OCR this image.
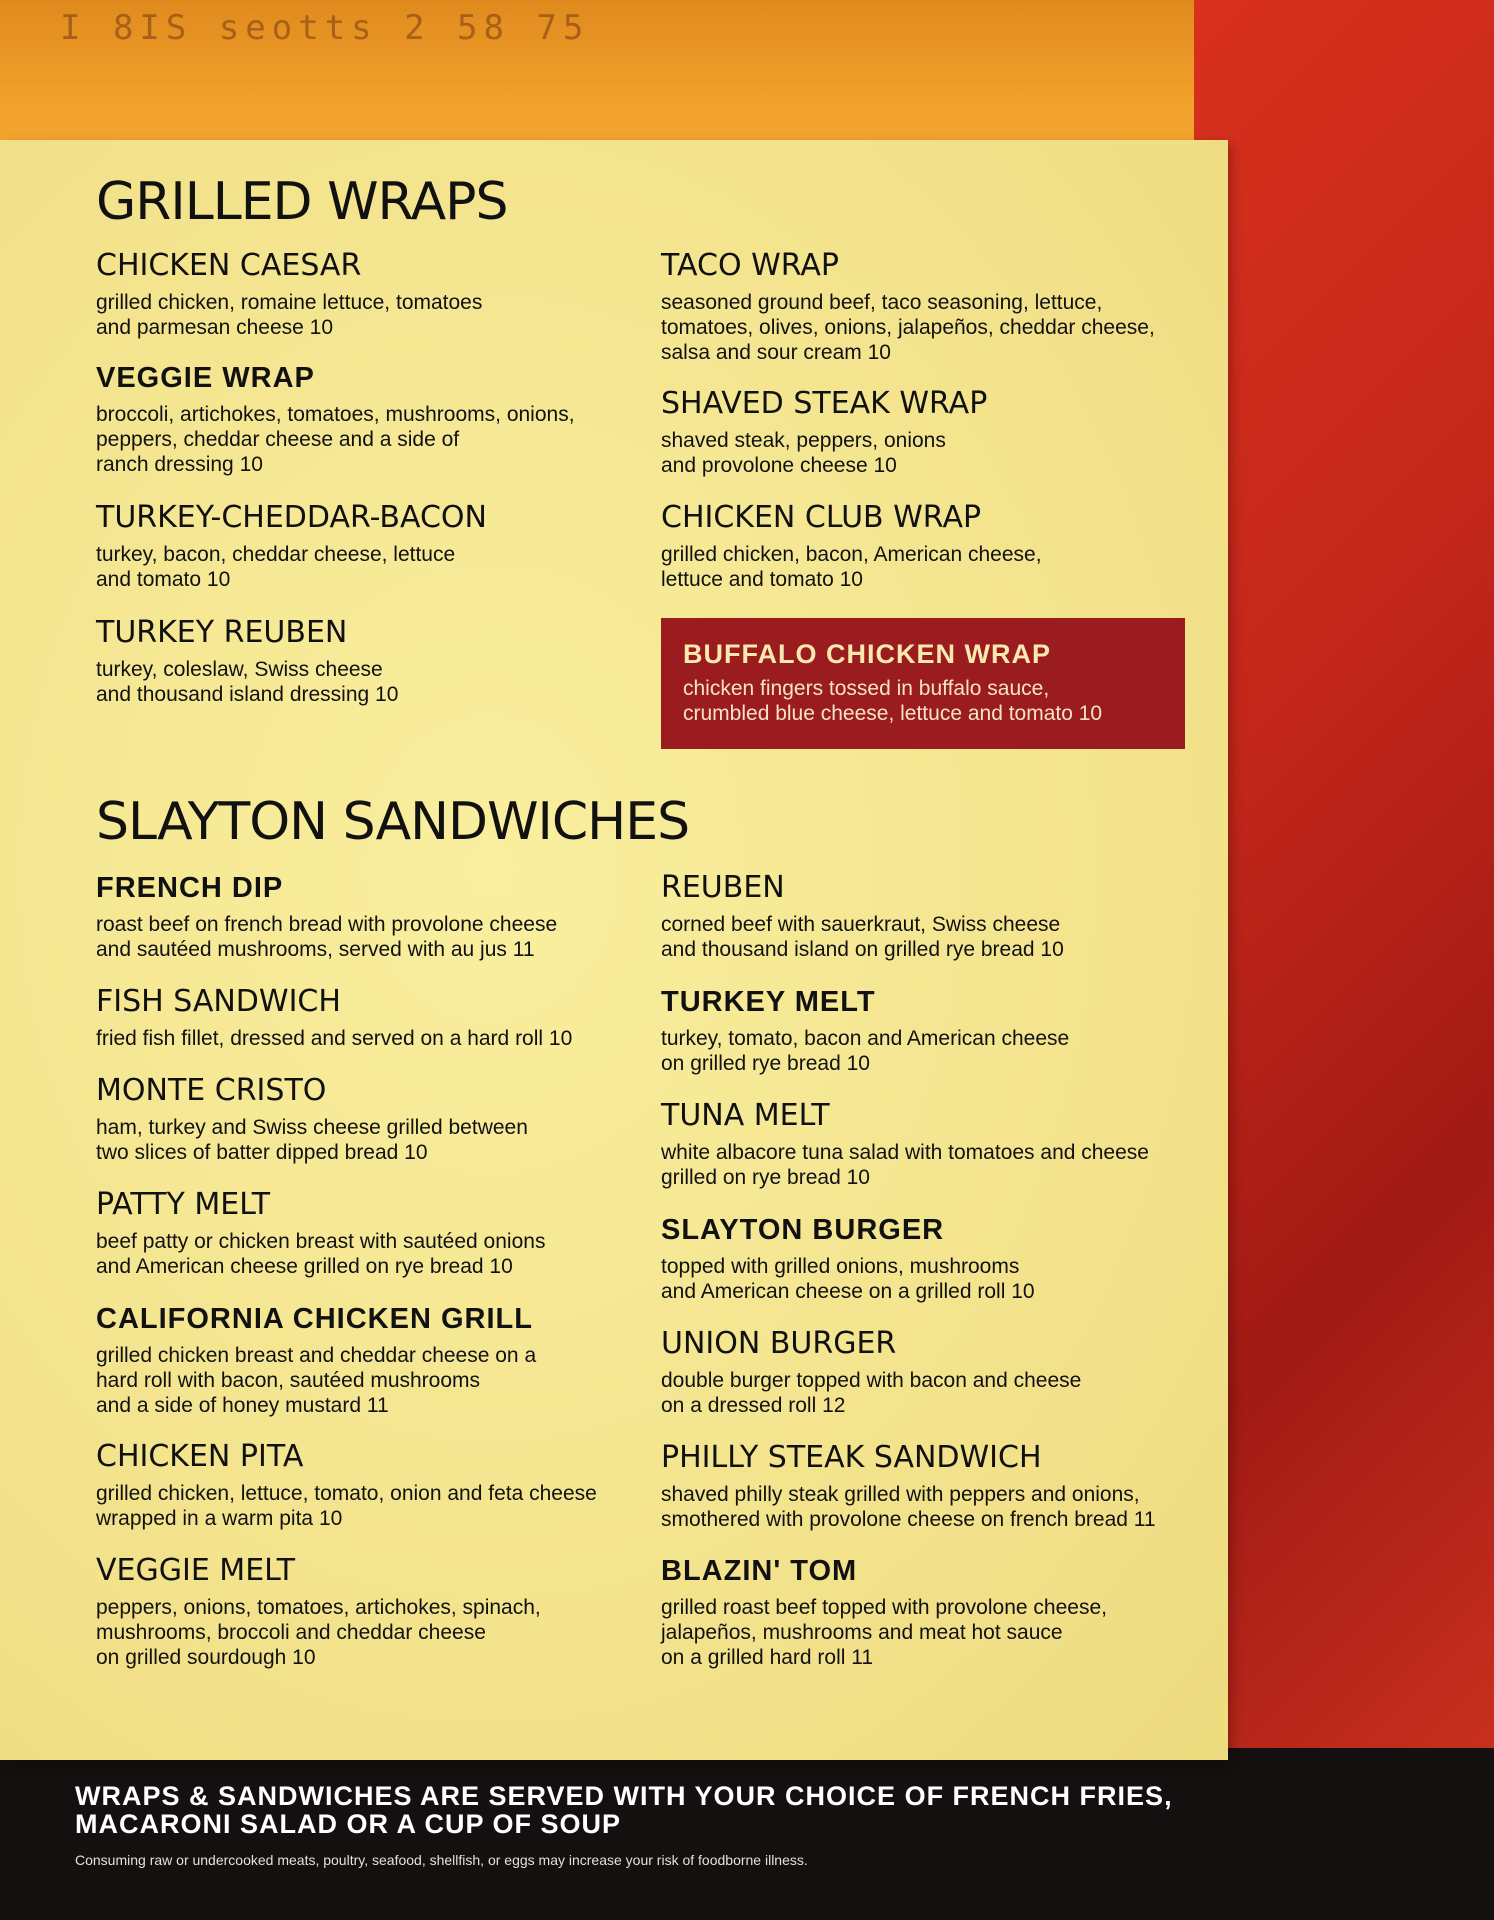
I 8IS seotts 2 58 75
GRILLED WRAPS
CHICKEN CAESAR
grilled chicken, romaine lettuce, tomatoes
and parmesan cheese 10
VEGGIE WRAP
broccoli, artichokes, tomatoes, mushrooms, onions,
peppers, cheddar cheese and a side of
ranch dressing 10
TURKEY-CHEDDAR-BACON
turkey, bacon, cheddar cheese, lettuce
and tomato 10
TURKEY REUBEN
turkey, coleslaw, Swiss cheese
and thousand island dressing 10
TACO WRAP
seasoned ground beef, taco seasoning, lettuce,
tomatoes, olives, onions, jalapeños, cheddar cheese,
salsa and sour cream 10
SHAVED STEAK WRAP
shaved steak, peppers, onions
and provolone cheese 10
CHICKEN CLUB WRAP
grilled chicken, bacon, American cheese,
lettuce and tomato 10
BUFFALO CHICKEN WRAP
chicken fingers tossed in buffalo sauce,
crumbled blue cheese, lettuce and tomato 10
SLAYTON SANDWICHES
FRENCH DIP
roast beef on french bread with provolone cheese
and sautéed mushrooms, served with au jus 11
FISH SANDWICH
fried fish fillet, dressed and served on a hard roll 10
MONTE CRISTO
ham, turkey and Swiss cheese grilled between
two slices of batter dipped bread 10
PATTY MELT
beef patty or chicken breast with sautéed onions
and American cheese grilled on rye bread 10
CALIFORNIA CHICKEN GRILL
grilled chicken breast and cheddar cheese on a
hard roll with bacon, sautéed mushrooms
and a side of honey mustard 11
CHICKEN PITA
grilled chicken, lettuce, tomato, onion and feta cheese
wrapped in a warm pita 10
VEGGIE MELT
peppers, onions, tomatoes, artichokes, spinach,
mushrooms, broccoli and cheddar cheese
on grilled sourdough 10
REUBEN
corned beef with sauerkraut, Swiss cheese
and thousand island on grilled rye bread 10
TURKEY MELT
turkey, tomato, bacon and American cheese
on grilled rye bread 10
TUNA MELT
white albacore tuna salad with tomatoes and cheese
grilled on rye bread 10
SLAYTON BURGER
topped with grilled onions, mushrooms
and American cheese on a grilled roll 10
UNION BURGER
double burger topped with bacon and cheese
on a dressed roll 12
PHILLY STEAK SANDWICH
shaved philly steak grilled with peppers and onions,
smothered with provolone cheese on french bread 11
BLAZIN' TOM
grilled roast beef topped with provolone cheese,
jalapeños, mushrooms and meat hot sauce
on a grilled hard roll 11
WRAPS & SANDWICHES ARE SERVED WITH YOUR CHOICE OF FRENCH FRIES,
MACARONI SALAD OR A CUP OF SOUP
Consuming raw or undercooked meats, poultry, seafood, shellfish, or eggs may increase your risk of foodborne illness.
